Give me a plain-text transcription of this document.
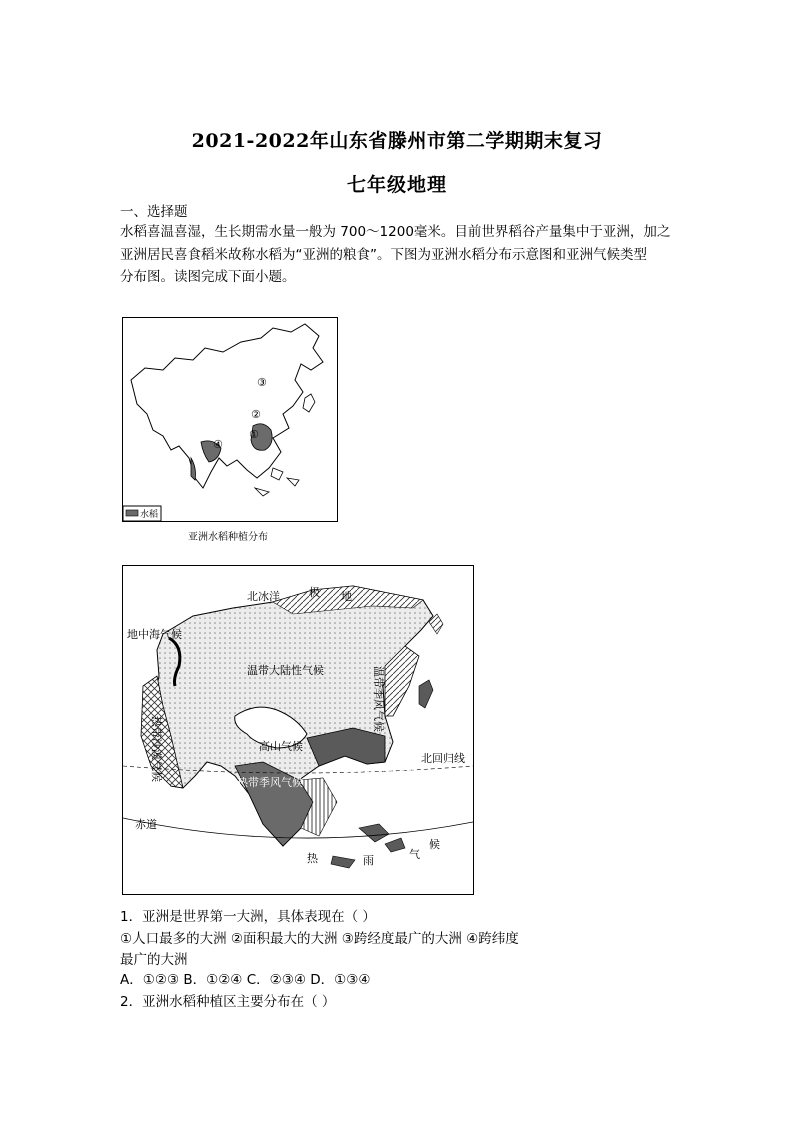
2021-2022年山东省滕州市第二学期期末复习
七年级地理
一、选择题
水稻喜温喜湿，生长期需水量一般为 700～1200毫米。目前世界稻谷产量集中于亚洲，加之
亚洲居民喜食稻米故称水稻为“亚洲的粮食”。下图为亚洲水稻分布示意图和亚洲气候类型
分布图。读图完成下面小题。
③
②
①
④
水稻
亚洲水稻种植分布
北冰洋	极 地
温带大陆性气候
高山气候
亚热带季风气候
热带季风气候
地中海气候
热带沙漠气候
温带季风气候
北回归线
赤道
热	雨	气
候
1．亚洲是世界第一大洲，具体表现在（ ）
①人口最多的大洲 ②面积最大的大洲 ③跨经度最广的大洲 ④跨纬度
最广的大洲
A．①②③ B．①②④ C．②③④ D．①③④
2．亚洲水稻种植区主要分布在（ ）
